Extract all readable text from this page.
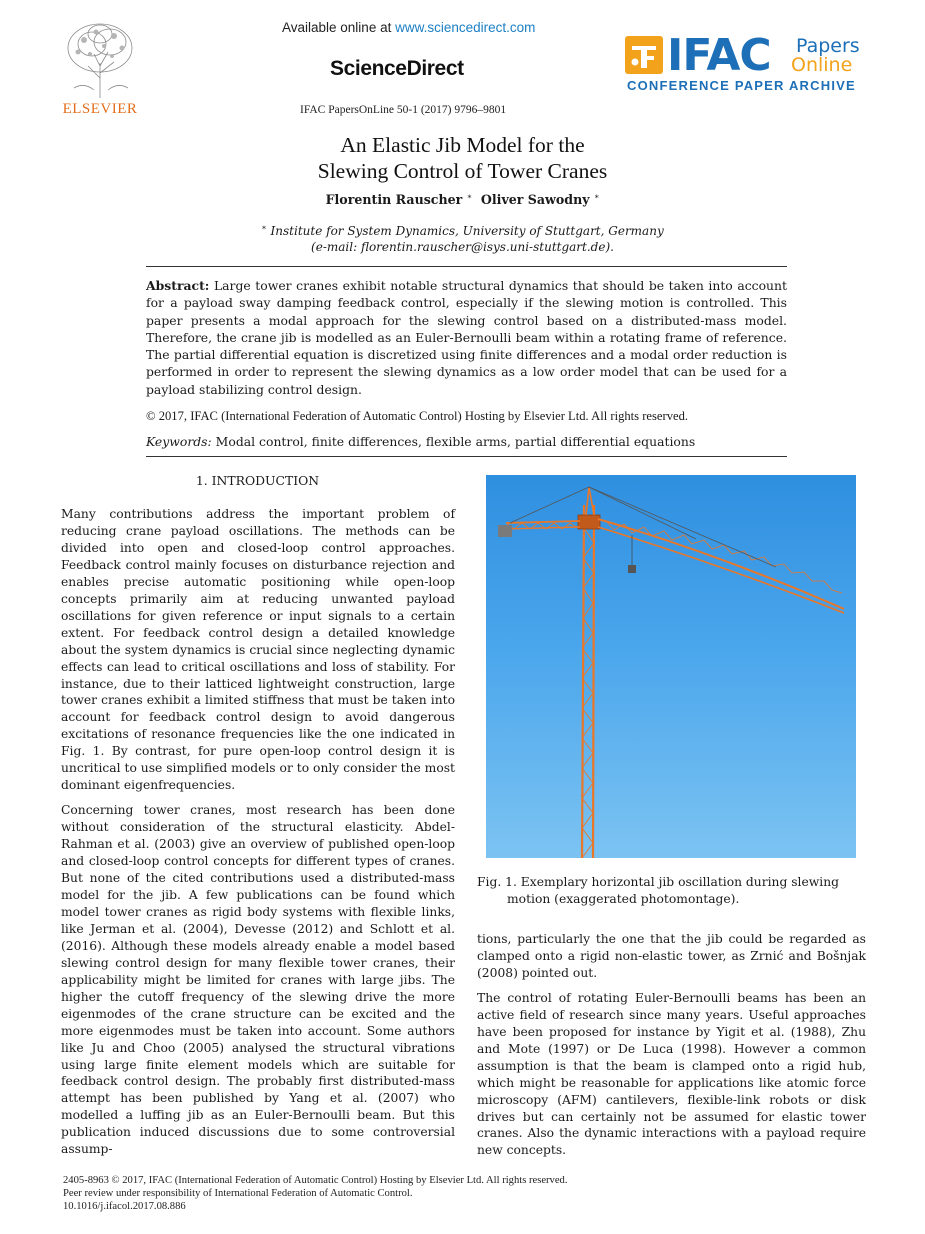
ELSEVIER
Available online at www.sciencedirect.com
ScienceDirect
IFAC PapersOnLine 50-1 (2017) 9796–9801
IFAC Papers
Online
CONFERENCE PAPER ARCHIVE
An Elastic Jib Model for the
Slewing Control of Tower Cranes
Florentin Rauscher ∗ Oliver Sawodny ∗
∗ Institute for System Dynamics, University of Stuttgart, Germany
(e-mail: florentin.rauscher@isys.uni-stuttgart.de).
Abstract: Large tower cranes exhibit notable structural dynamics that should be taken into account for a payload sway damping feedback control, especially if the slewing motion is controlled. This paper presents a modal approach for the slewing control based on a distributed-mass model. Therefore, the crane jib is modelled as an Euler-Bernoulli beam within a rotating frame of reference. The partial differential equation is discretized using finite differences and a modal order reduction is performed in order to represent the slewing dynamics as a low order model that can be used for a payload stabilizing control design.
© 2017, IFAC (International Federation of Automatic Control) Hosting by Elsevier Ltd. All rights reserved.
Keywords: Modal control, finite differences, flexible arms, partial differential equations
1. INTRODUCTION

Many contributions address the important problem of reducing crane payload oscillations. The methods can be divided into open and closed-loop control approaches. Feedback control mainly focuses on disturbance rejection and enables precise automatic positioning while open-loop concepts primarily aim at reducing unwanted payload oscillations for given reference or input signals to a certain extent. For feedback control design a detailed knowledge about the system dynamics is crucial since neglecting dynamic effects can lead to critical oscillations and loss of stability. For instance, due to their latticed lightweight construction, large tower cranes exhibit a limited stiffness that must be taken into account for feedback control design to avoid dangerous excitations of resonance frequencies like the one indicated in Fig. 1. By contrast, for pure open-loop control design it is uncritical to use simplified models or to only consider the most dominant eigenfrequencies.

Concerning tower cranes, most research has been done without consideration of the structural elasticity. Abdel-Rahman et al. (2003) give an overview of published open-loop and closed-loop control concepts for different types of cranes. But none of the cited contributions used a distributed-mass model for the jib. A few publications can be found which model tower cranes as rigid body systems with flexible links, like Jerman et al. (2004), Devesse (2012) and Schlott et al. (2016). Although these models already enable a model based slewing control design for many flexible tower cranes, their applicability might be limited for cranes with large jibs. The higher the cutoff frequency of the slewing drive the more eigenmodes of the crane structure can be excited and the more eigenmodes must be taken into account. Some authors like Ju and Choo (2005) analysed the structural vibrations using large finite element models which are suitable for feedback control design. The probably first distributed-mass attempt has been published by Yang et al. (2007) who modelled a luffing jib as an Euler-Bernoulli beam. But this publication induced discussions due to some controversial assump-

Fig. 1. Exemplary horizontal jib oscillation during slewing
motion (exaggerated photomontage).

tions, particularly the one that the jib could be regarded as clamped onto a rigid non-elastic tower, as Zrnić and Bošnjak (2008) pointed out.

The control of rotating Euler-Bernoulli beams has been an active field of research since many years. Useful approaches have been proposed for instance by Yigit et al. (1988), Zhu and Mote (1997) or De Luca (1998). However a common assumption is that the beam is clamped onto a rigid hub, which might be reasonable for applications like atomic force microscopy (AFM) cantilevers, flexible-link robots or disk drives but can certainly not be assumed for elastic tower cranes. Also the dynamic interactions with a payload require new concepts.

2405-8963 © 2017, IFAC (International Federation of Automatic Control) Hosting by Elsevier Ltd. All rights reserved.
Peer review under responsibility of International Federation of Automatic Control.
10.1016/j.ifacol.2017.08.886
